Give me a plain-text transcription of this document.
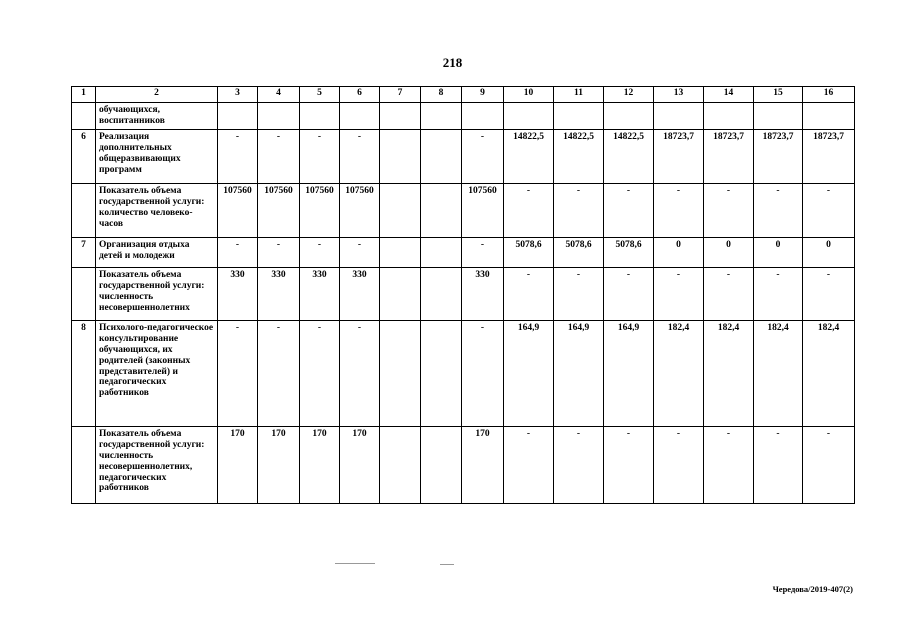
218
1	2	3	4	5	6	7	8	9	10	11	12	13	14	15	16
	обучающихся, воспитанников														
6	Реализация дополнительных общеразвивающих программ	-	-	-	-			-	14822,5	14822,5	14822,5	18723,7	18723,7	18723,7	18723,7
	Показатель объема государственной услуги: количество человеко-часов	107560	107560	107560	107560			107560	-	-	-	-	-	-	-
7	Организация отдыха детей и молодежи	-	-	-	-			-	5078,6	5078,6	5078,6	0	0	0	0
	Показатель объема государственной услуги: численность несовершеннолетних	330	330	330	330			330	-	-	-	-	-	-	-
8	Психолого-педагогическое консультирование обучающихся, их родителей (законных представителей) и педагогических работников	-	-	-	-			-	164,9	164,9	164,9	182,4	182,4	182,4	182,4
	Показатель объема государственной услуги: численность несовершеннолетних, педагогических работников	170	170	170	170			170	-	-	-	-	-	-	-
Чередова/2019-407(2)
